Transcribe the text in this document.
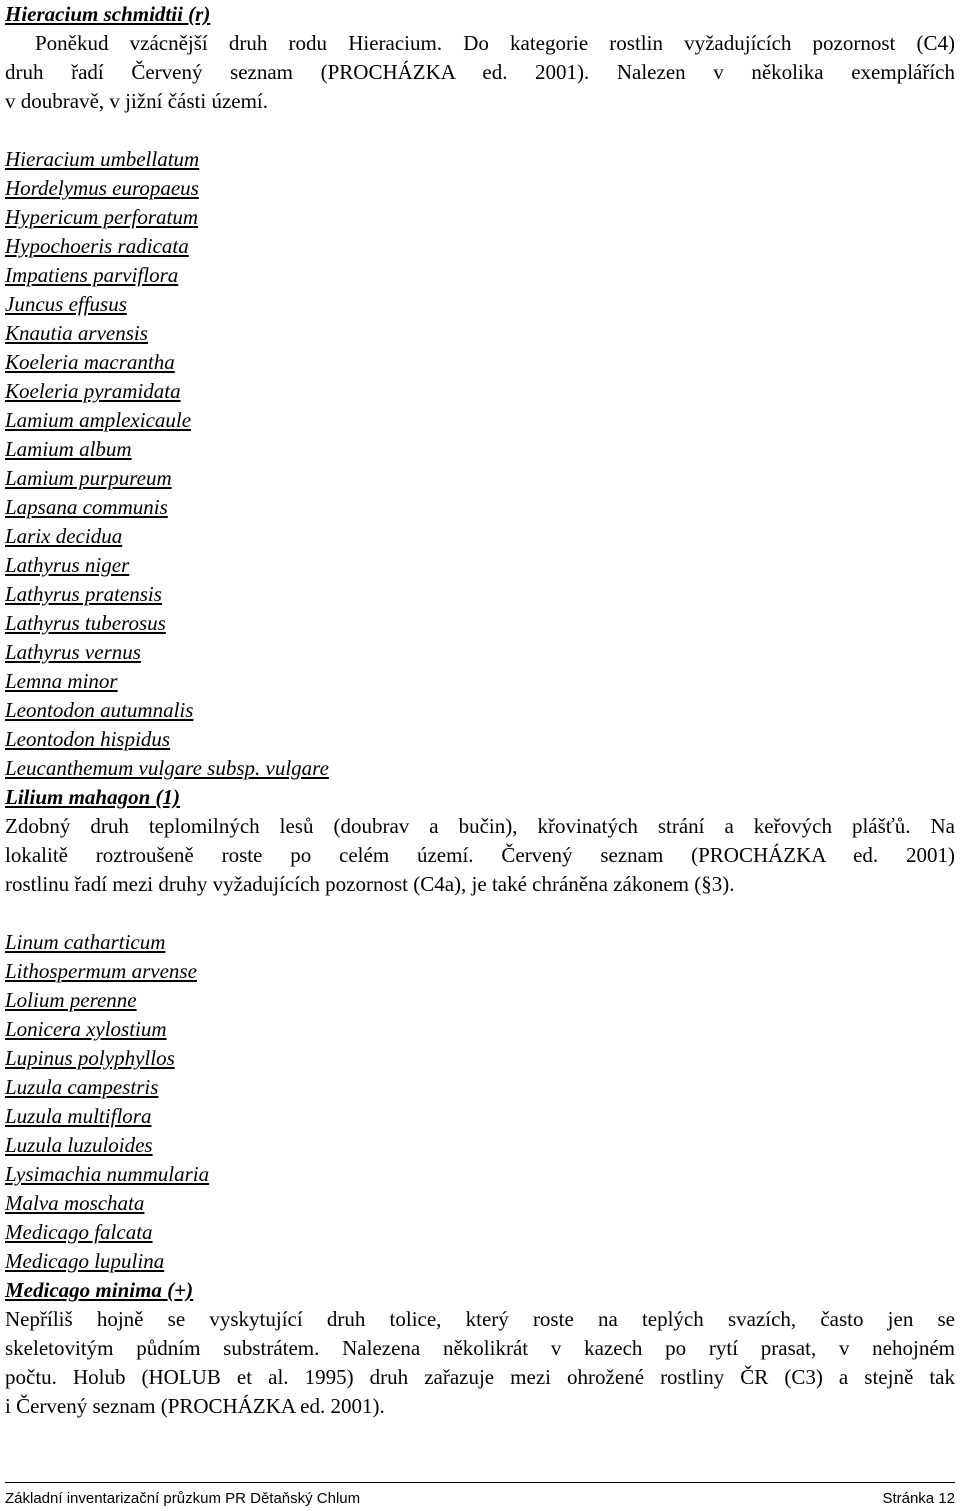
Hieracium schmidtii (r)
Poněkud vzácnější druh rodu Hieracium. Do kategorie rostlin vyžadujících pozornost (C4)
druh řadí Červený seznam (PROCHÁZKA ed. 2001). Nalezen v několika exemplářích
v doubravě, v jižní části území.
Hieracium umbellatum
Hordelymus europaeus
Hypericum perforatum
Hypochoeris radicata
Impatiens parviflora
Juncus effusus
Knautia arvensis
Koeleria macrantha
Koeleria pyramidata
Lamium amplexicaule
Lamium album
Lamium purpureum
Lapsana communis
Larix decidua
Lathyrus niger
Lathyrus pratensis
Lathyrus tuberosus
Lathyrus vernus
Lemna minor
Leontodon autumnalis
Leontodon hispidus
Leucanthemum vulgare subsp. vulgare
Lilium mahagon (1)
Zdobný druh teplomilných lesů (doubrav a bučin), křovinatých strání a keřových plášťů. Na
lokalitě roztroušeně roste po celém území. Červený seznam (PROCHÁZKA ed. 2001)
rostlinu řadí mezi druhy vyžadujících pozornost (C4a), je také chráněna zákonem (§3).
Linum catharticum
Lithospermum arvense
Lolium perenne
Lonicera xylostium
Lupinus polyphyllos
Luzula campestris
Luzula multiflora
Luzula luzuloides
Lysimachia nummularia
Malva moschata
Medicago falcata
Medicago lupulina
Medicago minima (+)
Nepříliš hojně se vyskytující druh tolice, který roste na teplých svazích, často jen se
skeletovitým půdním substrátem. Nalezena několikrát v kazech po rytí prasat, v nehojném
počtu. Holub (HOLUB et al. 1995) druh zařazuje mezi ohrožené rostliny ČR (C3) a stejně tak
i Červený seznam (PROCHÁZKA ed. 2001).
Základní inventarizační průzkum PR Dětaňský Chlum	Stránka 12
